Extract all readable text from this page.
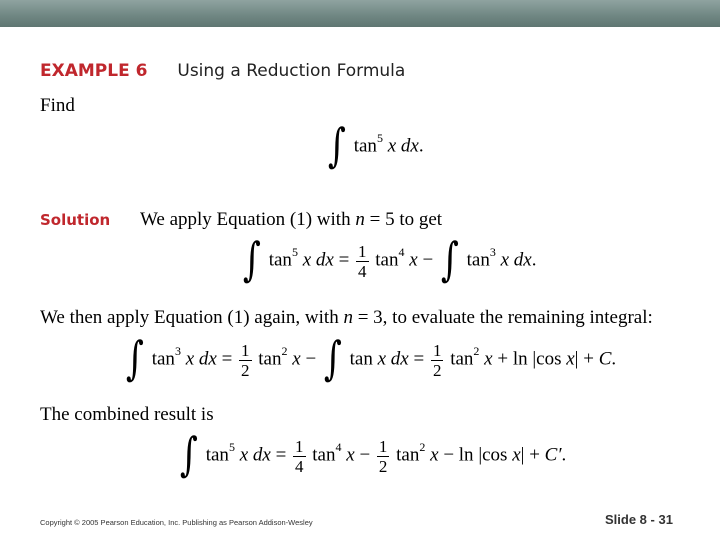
EXAMPLE 6 Using a Reduction Formula
Find
∫ $\tan^5 x$ dx.
Solution We apply Equation (1) with n = 5 to get
∫ $\tan^5 x$ dx = $\frac{1}{4} \tan^4 x$ − ∫ $\tan^3 x$ dx.
We then apply Equation (1) again, with n = 3, to evaluate the remaining integral:
∫ $\tan^3 x$ dx = $\frac{1}{2} \tan^2 x$ − ∫ tan x dx = $\frac{1}{2} \tan^2 x + \ln |\cos$ x| + C.
The combined result is
∫ $\tan^5 x$ dx = $\frac{1}{4} \tan^4 x - \frac{1}{2} \tan^2 x - \ln |\cos$ x| + C′.
Copyright © 2005 Pearson Education, Inc. Publishing as Pearson Addison-Wesley	Slide 8 - 31
